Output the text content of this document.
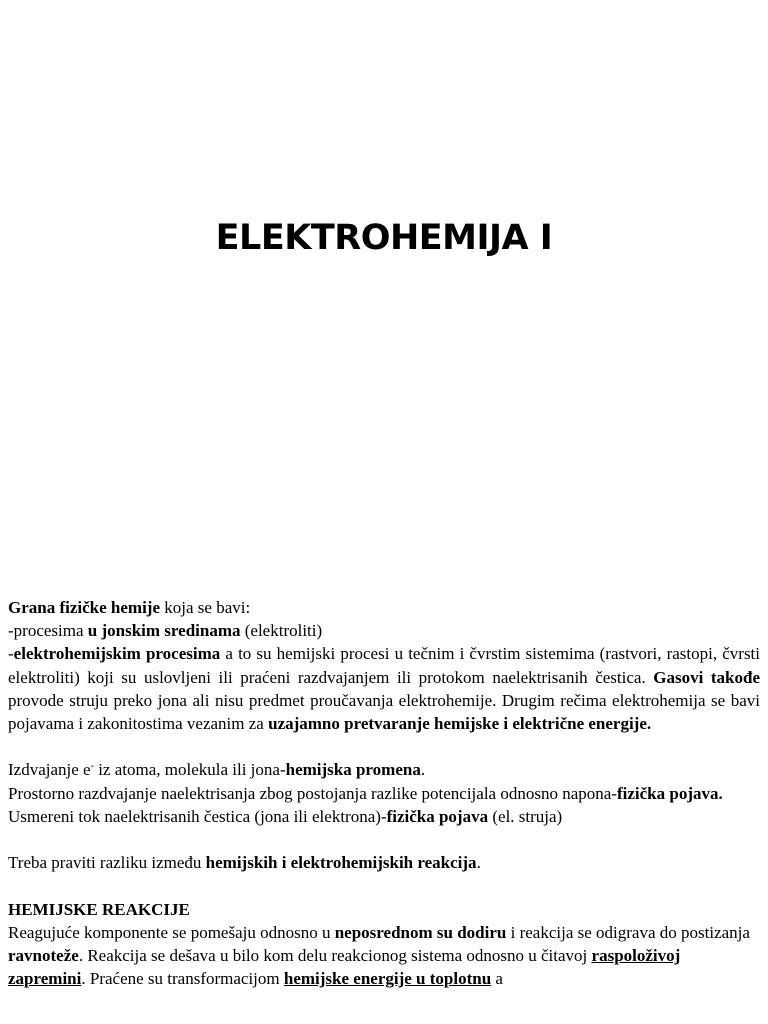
ELEKTROHEMIJA I

Grana fizičke hemije koja se bavi:

-procesima u jonskim sredinama (elektroliti)

-elektrohemijskim procesima a to su hemijski procesi u tečnim i čvrstim sistemima (rastvori, rastopi, čvrsti elektroliti) koji su uslovljeni ili praćeni razdvajanjem ili protokom naelektrisanih čestica. Gasovi takođe provode struju preko jona ali nisu predmet proučavanja elektrohemije. Drugim rečima elektrohemija se bavi pojavama i zakonitostima vezanim za uzajamno pretvaranje hemijske i električne energije.

Izdvajanje e- iz atoma, molekula ili jona-hemijska promena.

Prostorno razdvajanje naelektrisanja zbog postojanja razlike potencijala odnosno napona-fizička pojava.

Usmereni tok naelektrisanih čestica (jona ili elektrona)-fizička pojava (el. struja)

Treba praviti razliku između hemijskih i elektrohemijskih reakcija.

HEMIJSKE REAKCIJE

Reagujuće komponente se pomešaju odnosno u neposrednom su dodiru i reakcija se odigrava do postizanja ravnoteže. Reakcija se dešava u bilo kom delu reakcionog sistema odnosno u čitavoj raspoloživoj zapremini. Praćene su transformacijom hemijske energije u toplotnu a
